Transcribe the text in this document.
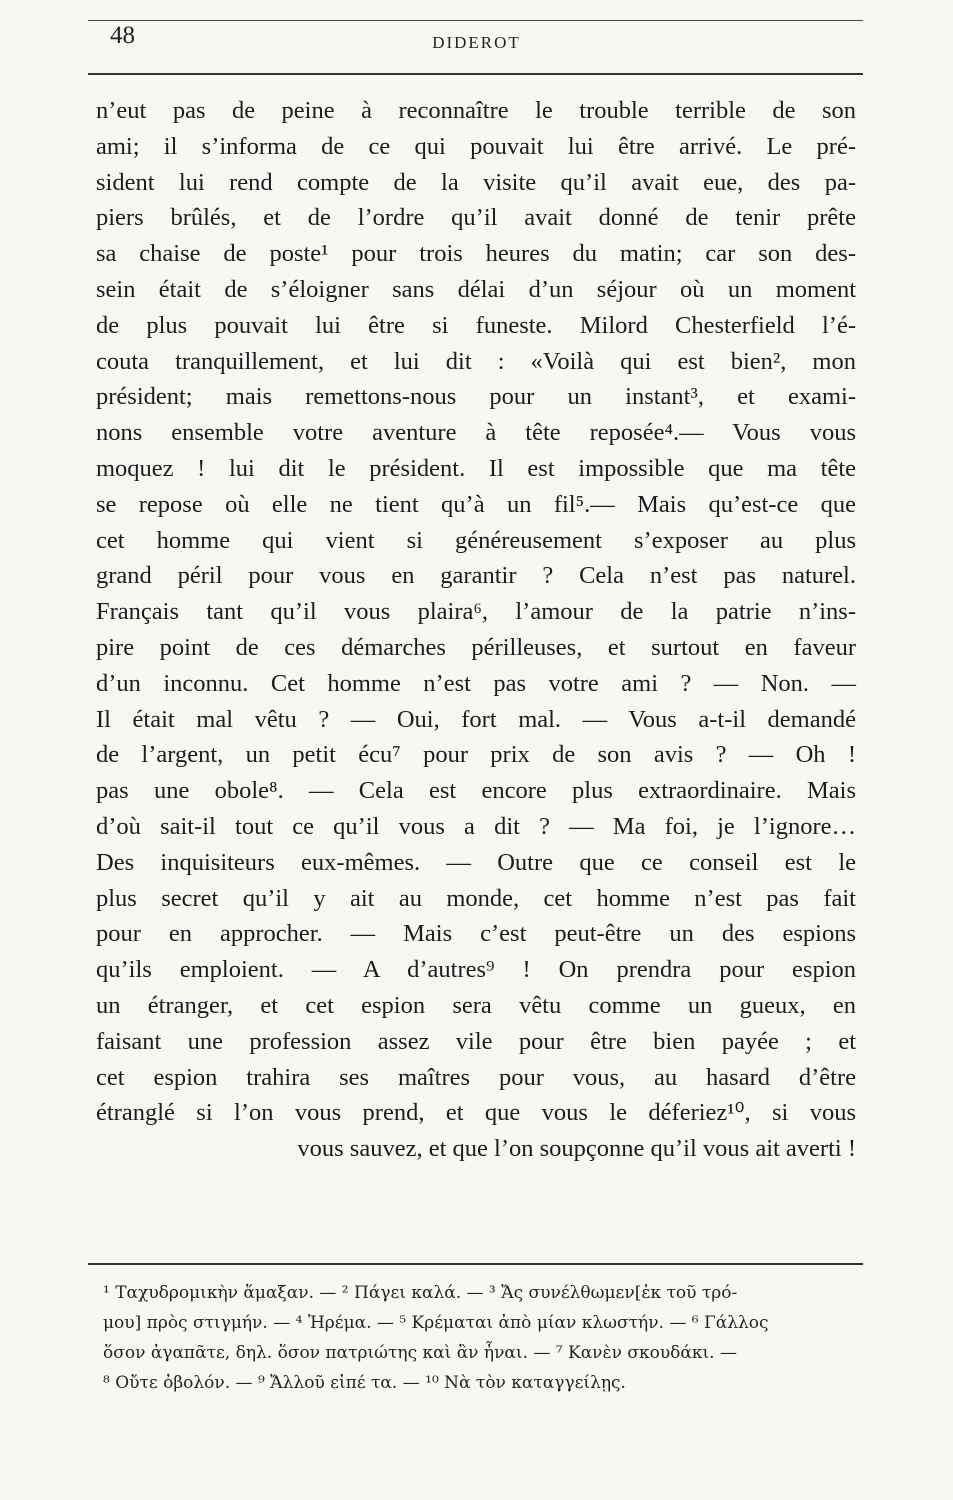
48	DIDEROT
n’eut pas de peine à reconnaître le trouble terrible de son
ami; il s’informa de ce qui pouvait lui être arrivé. Le pré-
sident lui rend compte de la visite qu’il avait eue, des pa-
piers brûlés, et de l’ordre qu’il avait donné de tenir prête
sa chaise de poste¹ pour trois heures du matin; car son des-
sein était de s’éloigner sans délai d’un séjour où un moment
de plus pouvait lui être si funeste. Milord Chesterfield l’é-
couta tranquillement, et lui dit : «Voilà qui est bien², mon
président; mais remettons-nous pour un instant³, et exami-
nons ensemble votre aventure à tête reposée⁴.— Vous vous
moquez ! lui dit le président. Il est impossible que ma tête
se repose où elle ne tient qu’à un fil⁵.— Mais qu’est-ce que
cet homme qui vient si généreusement s’exposer au plus
grand péril pour vous en garantir ? Cela n’est pas naturel.
Français tant qu’il vous plaira⁶, l’amour de la patrie n’ins-
pire point de ces démarches périlleuses, et surtout en faveur
d’un inconnu. Cet homme n’est pas votre ami ? — Non. —
Il était mal vêtu ? — Oui, fort mal. — Vous a-t-il demandé
de l’argent, un petit écu⁷ pour prix de son avis ? — Oh !
pas une obole⁸. — Cela est encore plus extraordinaire. Mais
d’où sait-il tout ce qu’il vous a dit ? — Ma foi, je l’ignore…
Des inquisiteurs eux-mêmes. — Outre que ce conseil est le
plus secret qu’il y ait au monde, cet homme n’est pas fait
pour en approcher. — Mais c’est peut-être un des espions
qu’ils emploient. — A d’autres⁹ ! On prendra pour espion
un étranger, et cet espion sera vêtu comme un gueux, en
faisant une profession assez vile pour être bien payée ; et
cet espion trahira ses maîtres pour vous, au hasard d’être
étranglé si l’on vous prend, et que vous le déferiez¹⁰, si vous
vous sauvez, et que l’on soupçonne qu’il vous ait averti !
¹ Ταχυδρομικὴν ἅμαξαν. — ² Πάγει καλά. — ³ Ἄς συνέλθωμεν[ἐκ τοῦ τρό-
μου] πρὸς στιγμήν. — ⁴ Ἠρέμα. — ⁵ Κρέμαται ἀπὸ μίαν κλωστήν. — ⁶ Γάλλος
ὅσον ἀγαπᾶτε, δηλ. ὅσον πατριώτης καὶ ἂν ἦναι. — ⁷ Κανὲν σκουδάκι. —
⁸ Οὔτε ὀβολόν. — ⁹ Ἄλλοῦ εἰπέ τα. — ¹⁰ Νὰ τὸν καταγγείλῃς.
